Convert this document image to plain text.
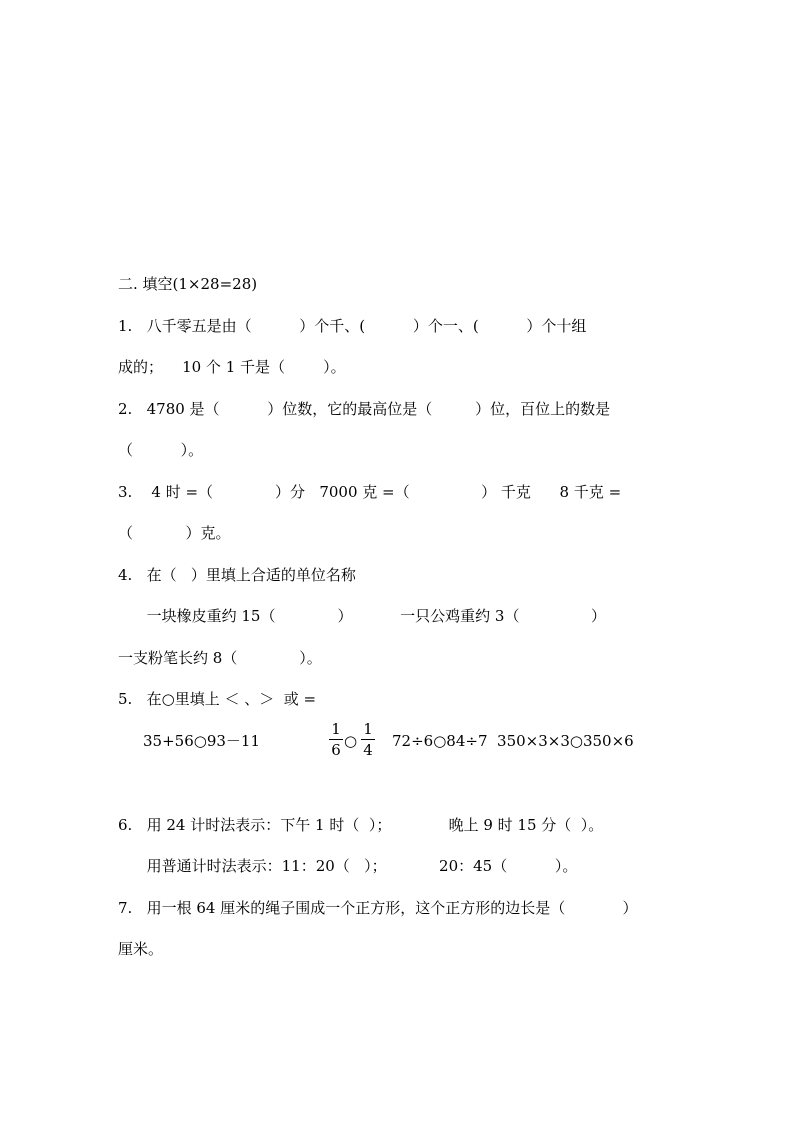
二. 填空(1×28=28)
1.   八千零五是由（          ）个千、(          ）个一、(          ）个十组
成的；    10 个 1 千是（        ）。
2.   4780 是（          ）位数，它的最高位是（         ）位，百位上的数是
（          ）。
3.    4 时 =（             ）分   7000 克 =（               ） 千克      8 千克 =
（           ）克。
4.   在（   ）里填上合适的单位名称
一块橡皮重约 15（             ）          一只公鸡重约 3（               ）
一支粉笔长约 8（             ）。
5.   在○里填上 ＜ 、＞  或 =
35+56○93－11
1
6 ○
1
4 72÷6○84÷7  350×3×3○350×6
6.   用 24 计时法表示：下午 1 时（  ）；            晚上 9 时 15 分（  ）。
用普通计时法表示：11：20（   ）；           20：45（          ）。
7.   用一根 64 厘米的绳子围成一个正方形，这个正方形的边长是（            ）
厘米。
